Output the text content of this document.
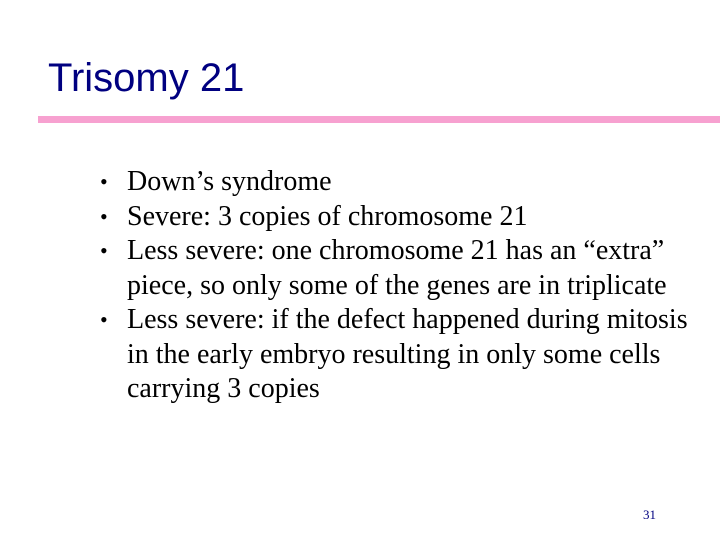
Trisomy 21
• Down’s syndrome
• Severe: 3 copies of chromosome 21
• Less severe: one chromosome 21 has an “extra” piece, so only some of the genes are in triplicate
• Less severe: if the defect happened during mitosis in the early embryo resulting in only some cells carrying 3 copies
31
